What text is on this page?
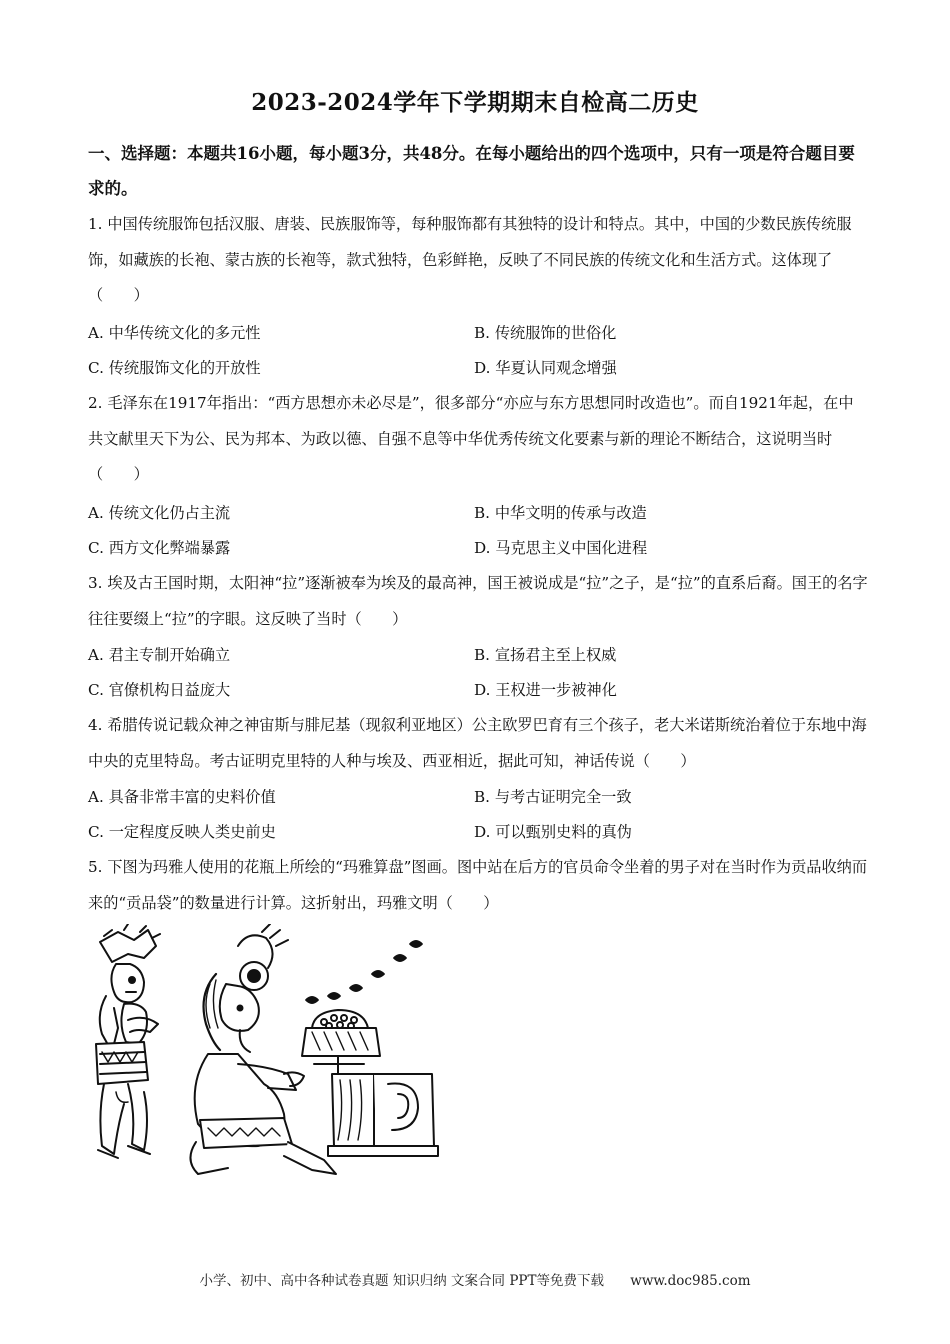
2023-2024学年下学期期末自检高二历史
一、选择题：本题共16小题，每小题3分，共48分。在每小题给出的四个选项中，只有一项是符合题目要求的。
1. 中国传统服饰包括汉服、唐装、民族服饰等，每种服饰都有其独特的设计和特点。其中，中国的少数民族传统服饰，如藏族的长袍、蒙古族的长袍等，款式独特，色彩鲜艳，反映了不同民族的传统文化和生活方式。这体现了（　　）
A. 中华传统文化的多元性	B. 传统服饰的世俗化
C. 传统服饰文化的开放性	D. 华夏认同观念增强
2. 毛泽东在1917年指出：“西方思想亦未必尽是”，很多部分“亦应与东方思想同时改造也”。而自1921年起，在中共文献里天下为公、民为邦本、为政以德、自强不息等中华优秀传统文化要素与新的理论不断结合，这说明当时（　　）
A. 传统文化仍占主流	B. 中华文明的传承与改造
C. 西方文化弊端暴露	D. 马克思主义中国化进程
3. 埃及古王国时期，太阳神“拉”逐渐被奉为埃及的最高神，国王被说成是“拉”之子，是“拉”的直系后裔。国王的名字往往要缀上“拉”的字眼。这反映了当时（　　）
A. 君主专制开始确立	B. 宣扬君主至上权威
C. 官僚机构日益庞大	D. 王权进一步被神化
4. 希腊传说记载众神之神宙斯与腓尼基（现叙利亚地区）公主欧罗巴育有三个孩子，老大米诺斯统治着位于东地中海中央的克里特岛。考古证明克里特的人种与埃及、西亚相近，据此可知，神话传说（　　）
A. 具备非常丰富的史料价值	B. 与考古证明完全一致
C. 一定程度反映人类史前史	D. 可以甄别史料的真伪
5. 下图为玛雅人使用的花瓶上所绘的“玛雅算盘”图画。图中站在后方的官员命令坐着的男子对在当时作为贡品收纳而来的“贡品袋”的数量进行计算。这折射出，玛雅文明（　　）
小学、初中、高中各种试卷真题 知识归纳 文案合同 PPT等免费下载 www.doc985.com
